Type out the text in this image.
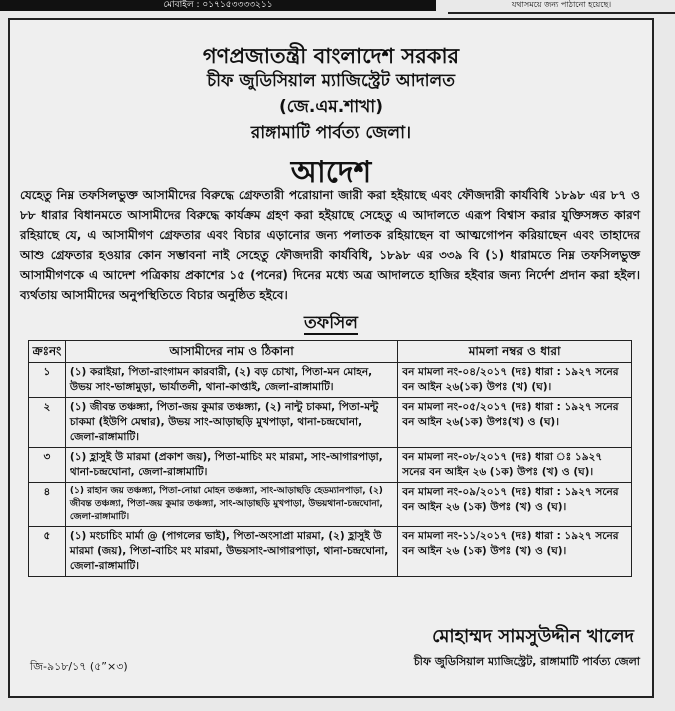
মোবাইল : ০১৭১৫৩৩৩৩২১১	যথাসময়ে জন্য পাঠানো হয়েছে।
গণপ্রজাতন্ত্রী বাংলাদেশ সরকার
চীফ জুডিসিয়াল ম্যাজিস্ট্রেট আদালত
(জে.এম.শাখা)
রাঙ্গামাটি পার্বত্য জেলা।
আদেশ
যেহেতু নিম্ন তফসিলভুক্ত আসামীদের বিরুদ্ধে গ্রেফতারী পরোয়ানা জারী করা হইয়াছে এবং ফৌজদারী কার্যবিধি ১৮৯৮ এর ৮৭ ও ৮৮ ধারার বিধানমতে আসামীদের বিরুদ্ধে কার্যক্রম গ্রহণ করা হইয়াছে সেহেতু এ আদালতে এরূপ বিশ্বাস করার যুক্তিসঙ্গত কারণ রহিয়াছে যে, এ আসামীগণ গ্রেফতার এবং বিচার এড়ানোর জন্য পলাতক রহিয়াছেন বা আত্মগোপন করিয়াছেন এবং তাহাদের আশু গ্রেফতার হওয়ার কোন সম্ভাবনা নাই সেহেতু ফৌজদারী কার্যবিধি, ১৮৯৮ এর ৩৩৯ বি (১) ধারামতে নিম্ন তফসিলভুক্ত আসামীগণকে এ আদেশ পত্রিকায় প্রকাশের ১৫ (পনের) দিনের মধ্যে অত্র আদালতে হাজির হইবার জন্য নির্দেশ প্রদান করা হইল। ব্যর্থতায় আসামীদের অনুপস্থিতিতে বিচার অনুষ্ঠিত হইবে।
তফসিল
ক্রঃনং	আসামীদের নাম ও ঠিকানা	মামলা নম্বর ও ধারা
১	(১) করাইয়া, পিতা-রাংগামন কারবারী, (২) বড় চোখা, পিতা-মন মোহন, উভয় সাং-ভাঙ্গামুড়া, ভার্যাতলী, থানা-কাপ্তাই, জেলা-রাঙ্গামাটি।	বন মামলা নং-০৪/২০১৭ (দঃ) ধারা : ১৯২৭ সনের বন আইন ২৬(১ক) উপঃ (খ) (ঘ)।
২	(১) জীবন্ত তঞ্চঙ্গ্যা, পিতা-জয় কুমার তঞ্চঙ্গ্যা, (২) নান্টু চাকমা, পিতা-মন্টু চাকমা (ইউপি মেম্বার), উভয় সাং-আড়াছড়ি মুখপাড়া, থানা-চন্দ্রঘোনা, জেলা-রাঙ্গামাটি।	বন মামলা নং-০৫/২০১৭ (দঃ) ধারা : ১৯২৭ সনের বন আইন ২৬(১ক) উপঃ(খ) ও (ঘ)।
৩	(১) হ্লাসুই উ মারমা (প্রকাশ জয়), পিতা-মাচিং মং মারমা, সাং-আগারপাড়া, থানা-চন্দ্রঘোনা, জেলা-রাঙ্গামাটি।	বন মামলা নং-০৮/২০১৭ (দঃ) ধারা ঃ ১৯২৭ সনের বন আইন ২৬ (১ক) উপঃ (খ) ও (ঘ)।
৪	(১) রাহান জয় তঞ্চঙ্গ্যা, পিতা-নোয়া মোহন তঞ্চঙ্গ্যা, সাং-আড়াছড়ি হেডম্যানপাড়া, (২) জীবন্ত তঞ্চঙ্গ্যা, পিতা-জয় কুমার তঞ্চঙ্গ্যা, সাং-আড়াছড়ি মুখপাড়া, উভয়থানা-চন্দ্রঘোনা, জেলা-রাঙ্গামাটি।	বন মামলা নং-০৯/২০১৭ (দঃ) ধারা : ১৯২৭ সনের বন আইন ২৬ (১ক) উপঃ (খ) ও (ঘ)।
৫	(১) মংচাচিং মার্মা @ (পাগলের ভাই), পিতা-অংসাপ্রা মারমা, (২) হ্লাসুই উ মারমা (জয়), পিতা-বাচিং মং মারমা, উভয়সাং-আগারপাড়া, থানা-চন্দ্রঘোনা, জেলা-রাঙ্গামাটি।	বন মামলা নং-১১/২০১৭ (দঃ) ধারা : ১৯২৭ সনের বন আইন ২৬ (১ক) উপঃ (খ) ও (ঘ)।
জি-৯১৮/১৭ (৫”×৩)
মোহাম্মদ সামসুউদ্দীন খালেদ
চীফ জুডিসিয়াল ম্যাজিস্ট্রেট, রাঙ্গামাটি পার্বত্য জেলা
